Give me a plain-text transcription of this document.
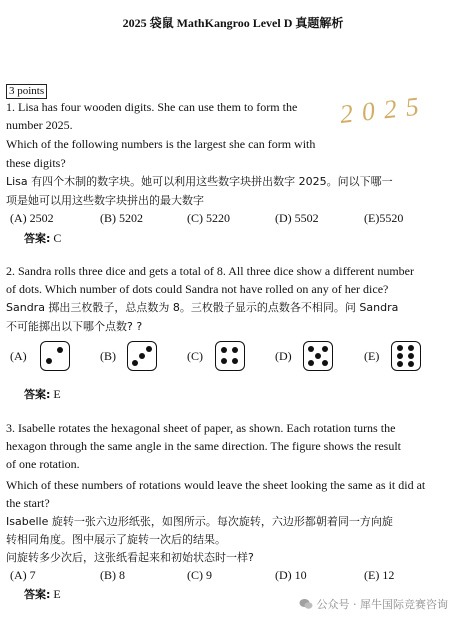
2025 袋鼠 MathKangroo Level D 真题解析
3 points	2025
1. Lisa has four wooden digits. She can use them to form the
number 2025.
Which of the following numbers is the largest she can form with
these digits?
Lisa 有四个木制的数字块。她可以利用这些数字块拼出数字 2025。问以下哪一
项是她可以用这些数字块拼出的最大数字
(A) 2502	(B) 5202	(C) 5220	(D) 5502	(E)5520
答案: C
2. Sandra rolls three dice and gets a total of 8. All three dice show a different number
of dots. Which number of dots could Sandra not have rolled on any of her dice?
Sandra 掷出三枚骰子，总点数为 8。三枚骰子显示的点数各不相同。问 Sandra
不可能掷出以下哪个点数? ?
(A)	(B)	(C)	(D)	(E)
答案: E
3. Isabelle rotates the hexagonal sheet of paper, as shown. Each rotation turns the
hexagon through the same angle in the same direction. The figure shows the result
of one rotation.
Which of these numbers of rotations would leave the sheet looking the same as it did at
the start?
Isabelle 旋转一张六边形纸张，如图所示。每次旋转，六边形都朝着同一方向旋
转相同角度。图中展示了旋转一次后的结果。
问旋转多少次后，这张纸看起来和初始状态时一样?
(A) 7	(B) 8	(C) 9	(D) 10	(E) 12
答案: E
公众号 · 犀牛国际竞赛咨询
